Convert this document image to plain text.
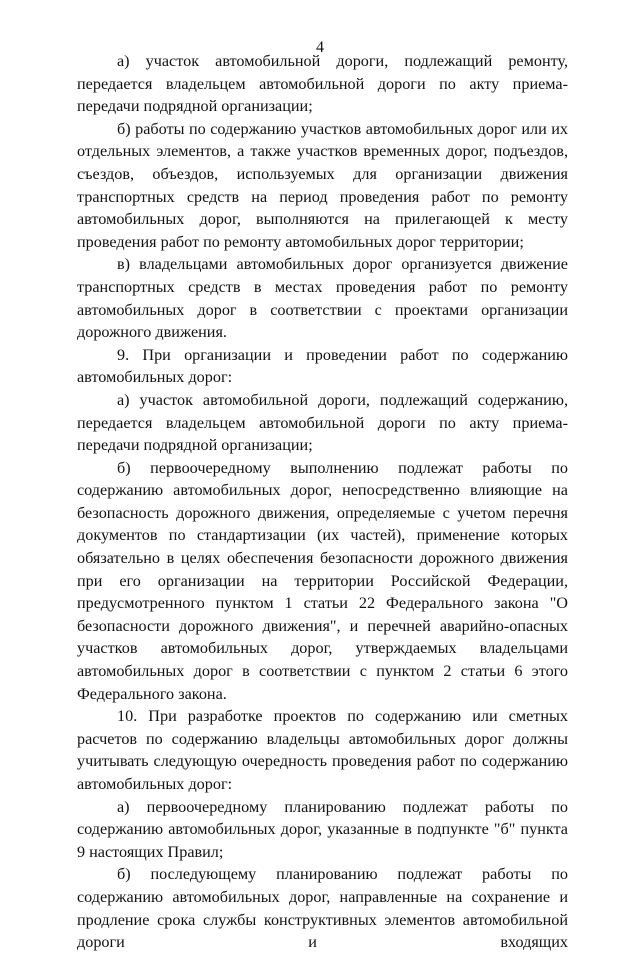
4

а) участок автомобильной дороги, подлежащий ремонту, передается владельцем автомобильной дороги по акту приема-передачи подрядной организации;

б) работы по содержанию участков автомобильных дорог или их отдельных элементов, а также участков временных дорог, подъездов, съездов, объездов, используемых для организации движения транспортных средств на период проведения работ по ремонту автомобильных дорог, выполняются на прилегающей к месту проведения работ по ремонту автомобильных дорог территории;

в) владельцами автомобильных дорог организуется движение транспортных средств в местах проведения работ по ремонту автомобильных дорог в соответствии с проектами организации дорожного движения.

9. При организации и проведении работ по содержанию автомобильных дорог:

а) участок автомобильной дороги, подлежащий содержанию, передается владельцем автомобильной дороги по акту приема-передачи подрядной организации;

б) первоочередному выполнению подлежат работы по содержанию автомобильных дорог, непосредственно влияющие на безопасность дорожного движения, определяемые с учетом перечня документов по стандартизации (их частей), применение которых обязательно в целях обеспечения безопасности дорожного движения при его организации на территории Российской Федерации, предусмотренного пунктом 1 статьи 22 Федерального закона "О безопасности дорожного движения", и перечней аварийно-опасных участков автомобильных дорог, утверждаемых владельцами автомобильных дорог в соответствии с пунктом 2 статьи 6 этого Федерального закона.

10. При разработке проектов по содержанию или сметных расчетов по содержанию владельцы автомобильных дорог должны учитывать следующую очередность проведения работ по содержанию автомобильных дорог:

а) первоочередному планированию подлежат работы по содержанию автомобильных дорог, указанные в подпункте "б" пункта 9 настоящих Правил;

б) последующему планированию подлежат работы по содержанию автомобильных дорог, направленные на сохранение и продление срока службы конструктивных элементов автомобильной дороги и входящих
